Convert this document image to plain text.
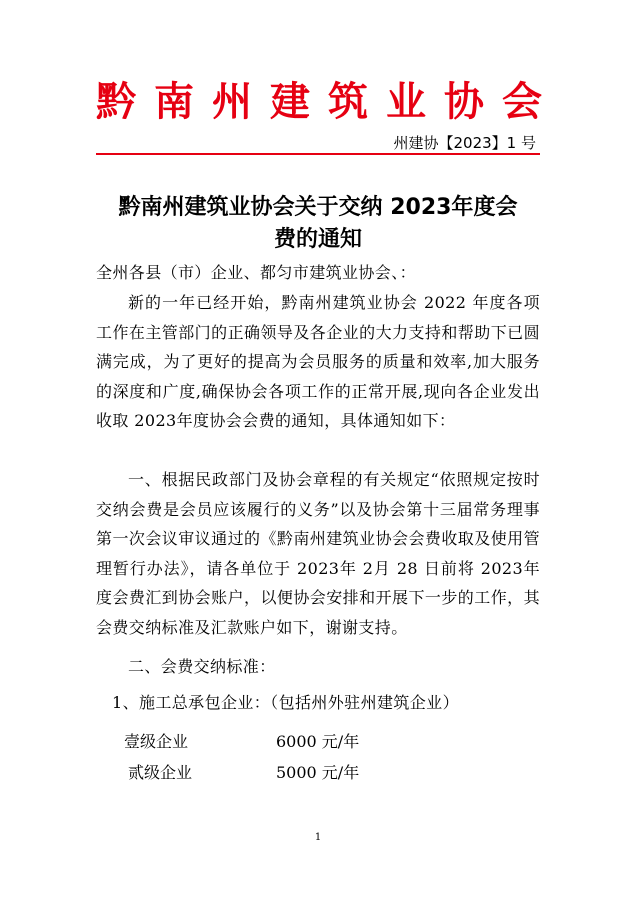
黔南州建筑业协会
州建协【2023】1 号
黔南州建筑业协会关于交纳 2023年度会
费的通知
全州各县（市）企业、都匀市建筑业协会、：
新的一年已经开始，黔南州建筑业协会 2022 年度各项工作在主管部门的正确领导及各企业的大力支持和帮助下已圆满完成，为了更好的提高为会员服务的质量和效率,加大服务的深度和广度,确保协会各项工作的正常开展,现向各企业发出收取 2023年度协会会费的通知，具体通知如下：
一、根据民政部门及协会章程的有关规定“依照规定按时交纳会费是会员应该履行的义务”以及协会第十三届常务理事第一次会议审议通过的《黔南州建筑业协会会费收取及使用管理暂行办法》，请各单位于 2023年 2月 28 日前将 2023年度会费汇到协会账户，以便协会安排和开展下一步的工作，其会费交纳标准及汇款账户如下，谢谢支持。
二、会费交纳标准：
1、施工总承包企业：（包括州外驻州建筑企业）
壹级企业	6000 元/年
贰级企业	5000 元/年
1
